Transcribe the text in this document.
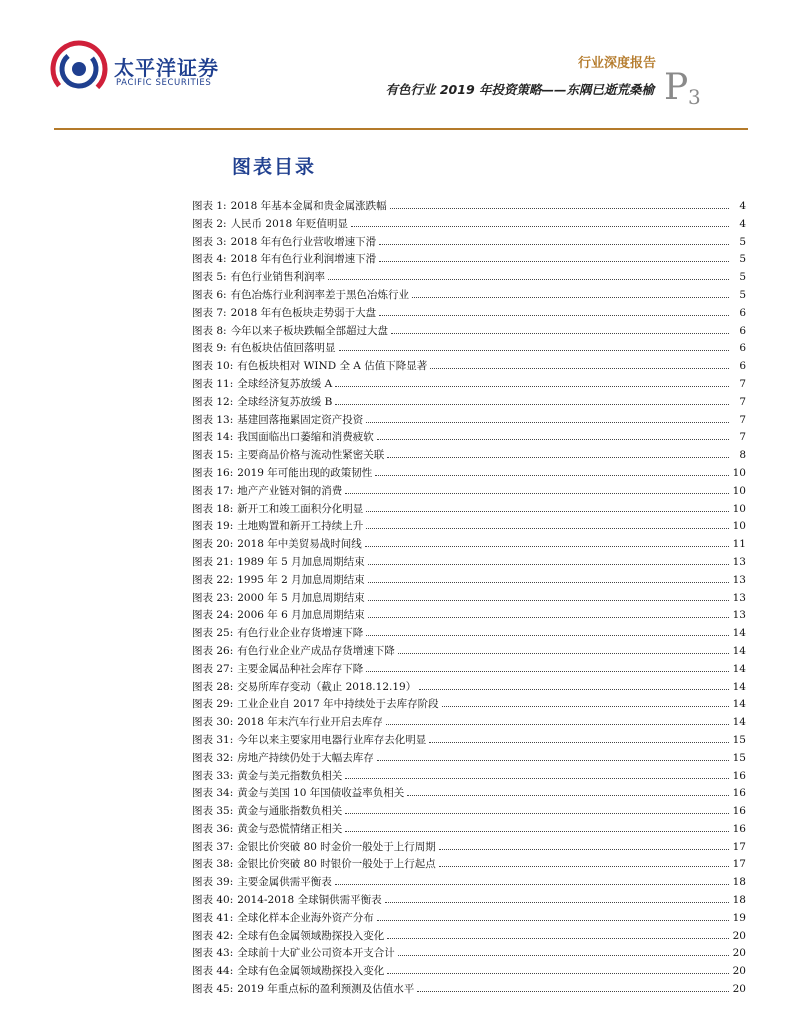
太平洋证券
PACIFIC SECURITIES
行业深度报告
有色行业 2019 年投资策略——东隅已逝荒桑榆 P 3
图表目录
图表 1: 2018 年基本金属和贵金属涨跌幅	4
图表 2: 人民币 2018 年贬值明显	4
图表 3: 2018 年有色行业营收增速下滑	5
图表 4: 2018 年有色行业利润增速下滑	5
图表 5: 有色行业销售利润率	5
图表 6: 有色冶炼行业利润率差于黑色冶炼行业	5
图表 7: 2018 年有色板块走势弱于大盘	6
图表 8: 今年以来子板块跌幅全部超过大盘	6
图表 9: 有色板块估值回落明显	6
图表 10: 有色板块相对 WIND 全 A 估值下降显著	6
图表 11: 全球经济复苏放缓 A	7
图表 12: 全球经济复苏放缓 B	7
图表 13: 基建回落拖累固定资产投资	7
图表 14: 我国面临出口萎缩和消费疲软	7
图表 15: 主要商品价格与流动性紧密关联	8
图表 16: 2019 年可能出现的政策韧性	10
图表 17: 地产产业链对铜的消费	10
图表 18: 新开工和竣工面积分化明显	10
图表 19: 土地购置和新开工持续上升	10
图表 20: 2018 年中美贸易战时间线	11
图表 21: 1989 年 5 月加息周期结束	13
图表 22: 1995 年 2 月加息周期结束	13
图表 23: 2000 年 5 月加息周期结束	13
图表 24: 2006 年 6 月加息周期结束	13
图表 25: 有色行业企业存货增速下降	14
图表 26: 有色行业企业产成品存货增速下降	14
图表 27: 主要金属品种社会库存下降	14
图表 28: 交易所库存变动（截止 2018.12.19）	14
图表 29: 工业企业自 2017 年中持续处于去库存阶段	14
图表 30: 2018 年末汽车行业开启去库存	14
图表 31: 今年以来主要家用电器行业库存去化明显	15
图表 32: 房地产持续仍处于大幅去库存	15
图表 33: 黄金与美元指数负相关	16
图表 34: 黄金与美国 10 年国债收益率负相关	16
图表 35: 黄金与通胀指数负相关	16
图表 36: 黄金与恐慌情绪正相关	16
图表 37: 金银比价突破 80 时金价一般处于上行周期	17
图表 38: 金银比价突破 80 时银价一般处于上行起点	17
图表 39: 主要金属供需平衡表	18
图表 40: 2014-2018 全球铜供需平衡表	18
图表 41: 全球化样本企业海外资产分布	19
图表 42: 全球有色金属领域勘探投入变化	20
图表 43: 全球前十大矿业公司资本开支合计	20
图表 44: 全球有色金属领域勘探投入变化	20
图表 45: 2019 年重点标的盈利预测及估值水平	20
